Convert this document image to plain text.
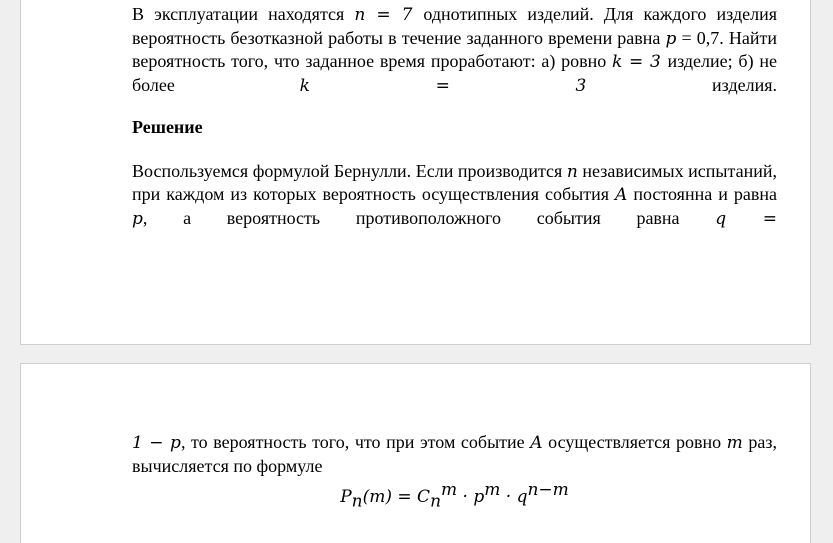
В эксплуатации находятся n = 7 однотипных изделий. Для каждого изделия вероятность безотказной работы в течение заданного времени равна p = 0,7. Найти вероятность того, что заданное время проработают: а) ровно k = 3 изделие; б) не более k = 3 изделия.

Решение

Воспользуемся формулой Бернулли. Если производится n независимых испытаний, при каждом из которых вероятность осуществления события A постоянна и равна p, а вероятность противоположного события равна q =

1 − p, то вероятность того, что при этом событие A осуществляется ровно m раз, вычисляется по формуле

$P_n(m) = C_n^m \cdot p^m \cdot q^{n-m}$
